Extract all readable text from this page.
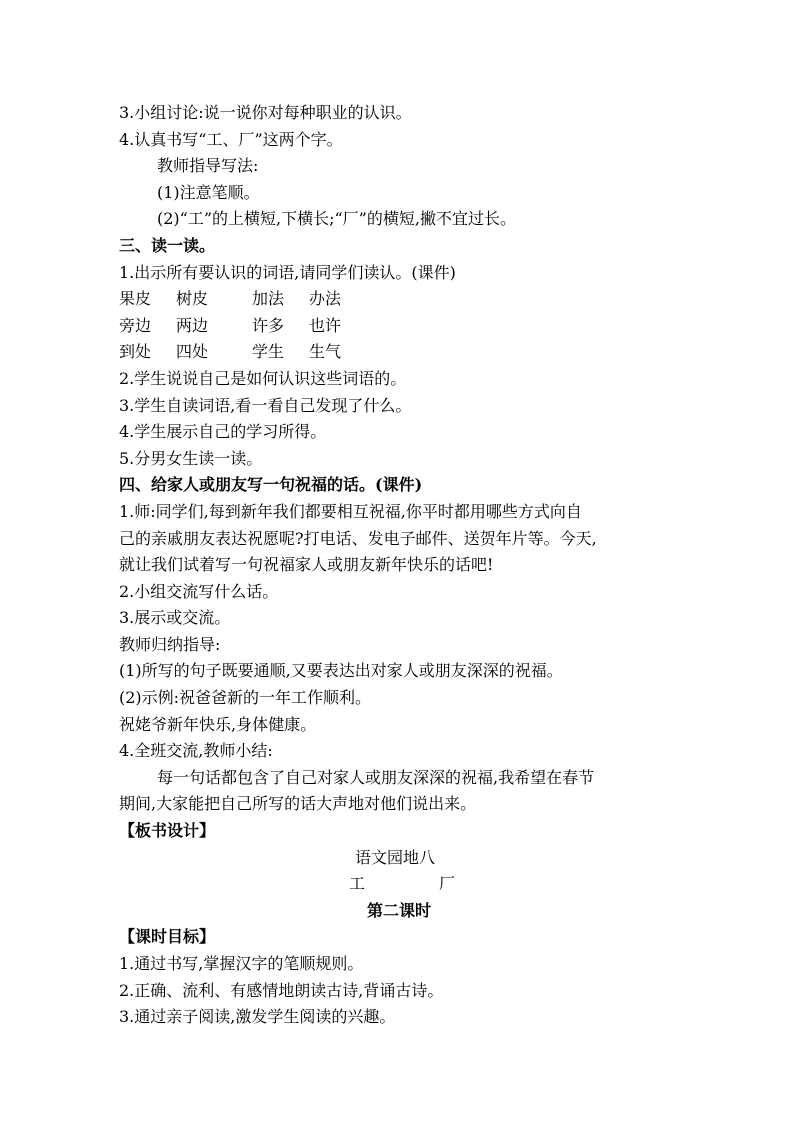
3.小组讨论:说一说你对每种职业的认识。
4.认真书写“工、厂”这两个字。
教师指导写法:
(1)注意笔顺。
(2)“工”的上横短,下横长;“厂”的横短,撇不宜过长。
三、读一读。
1.出示所有要认识的词语,请同学们读认。(课件)
果皮	树皮	加法	办法
旁边	两边	许多	也许
到处	四处	学生	生气
2.学生说说自己是如何认识这些词语的。
3.学生自读词语,看一看自己发现了什么。
4.学生展示自己的学习所得。
5.分男女生读一读。
四、给家人或朋友写一句祝福的话。(课件)
1.师:同学们,每到新年我们都要相互祝福,你平时都用哪些方式向自
己的亲戚朋友表达祝愿呢?打电话、发电子邮件、送贺年片等。今天,
就让我们试着写一句祝福家人或朋友新年快乐的话吧!
2.小组交流写什么话。
3.展示或交流。
教师归纳指导:
(1)所写的句子既要通顺,又要表达出对家人或朋友深深的祝福。
(2)示例:祝爸爸新的一年工作顺利。
祝姥爷新年快乐,身体健康。
4.全班交流,教师小结:
每一句话都包含了自己对家人或朋友深深的祝福,我希望在春节
期间,大家能把自己所写的话大声地对他们说出来。
【板书设计】
语文园地八
工	厂
第二课时
【课时目标】
1.通过书写,掌握汉字的笔顺规则。
2.正确、流利、有感情地朗读古诗,背诵古诗。
3.通过亲子阅读,激发学生阅读的兴趣。
